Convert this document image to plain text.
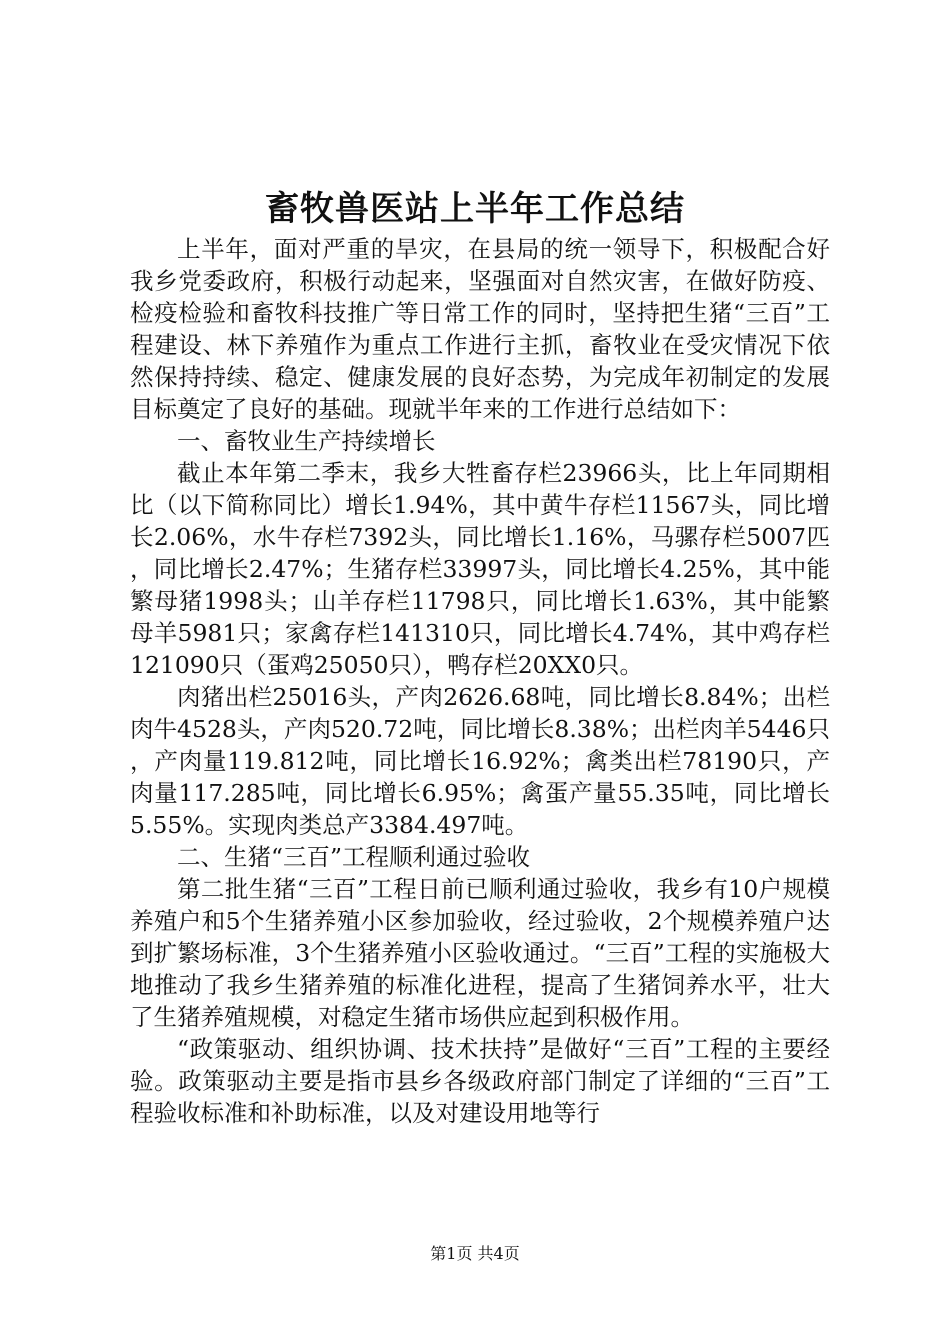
畜牧兽医站上半年工作总结

上半年，面对严重的旱灾，在县局的统一领导下，积极配合好我乡党委政府，积极行动起来，坚强面对自然灾害，在做好防疫、检疫检验和畜牧科技推广等日常工作的同时，坚持把生猪“三百”工程建设、林下养殖作为重点工作进行主抓，畜牧业在受灾情况下依然保持持续、稳定、健康发展的良好态势，为完成年初制定的发展目标奠定了良好的基础。现就半年来的工作进行总结如下：

一、畜牧业生产持续增长

截止本年第二季末，我乡大牲畜存栏23966头，比上年同期相比（以下简称同比）增长1.94%，其中黄牛存栏11567头，同比增长2.06%，水牛存栏7392头，同比增长1.16%，马骡存栏5007匹，同比增长2.47%；生猪存栏33997头，同比增长4.25%，其中能繁母猪1998头；山羊存栏11798只，同比增长1.63%，其中能繁母羊5981只；家禽存栏141310只，同比增长4.74%，其中鸡存栏121090只（蛋鸡25050只），鸭存栏20XX0只。

肉猪出栏25016头，产肉2626.68吨，同比增长8.84%；出栏肉牛4528头，产肉520.72吨，同比增长8.38%；出栏肉羊5446只，产肉量119.812吨，同比增长16.92%；禽类出栏78190只，产肉量117.285吨，同比增长6.95%；禽蛋产量55.35吨，同比增长5.55%。实现肉类总产3384.497吨。

二、生猪“三百”工程顺利通过验收

第二批生猪“三百”工程日前已顺利通过验收，我乡有10户规模养殖户和5个生猪养殖小区参加验收，经过验收，2个规模养殖户达到扩繁场标准，3个生猪养殖小区验收通过。“三百”工程的实施极大地推动了我乡生猪养殖的标准化进程，提高了生猪饲养水平，壮大了生猪养殖规模，对稳定生猪市场供应起到积极作用。

“政策驱动、组织协调、技术扶持”是做好“三百”工程的主要经验。政策驱动主要是指市县乡各级政府部门制定了详细的“三百”工程验收标准和补助标准，以及对建设用地等行

第1页 共4页
